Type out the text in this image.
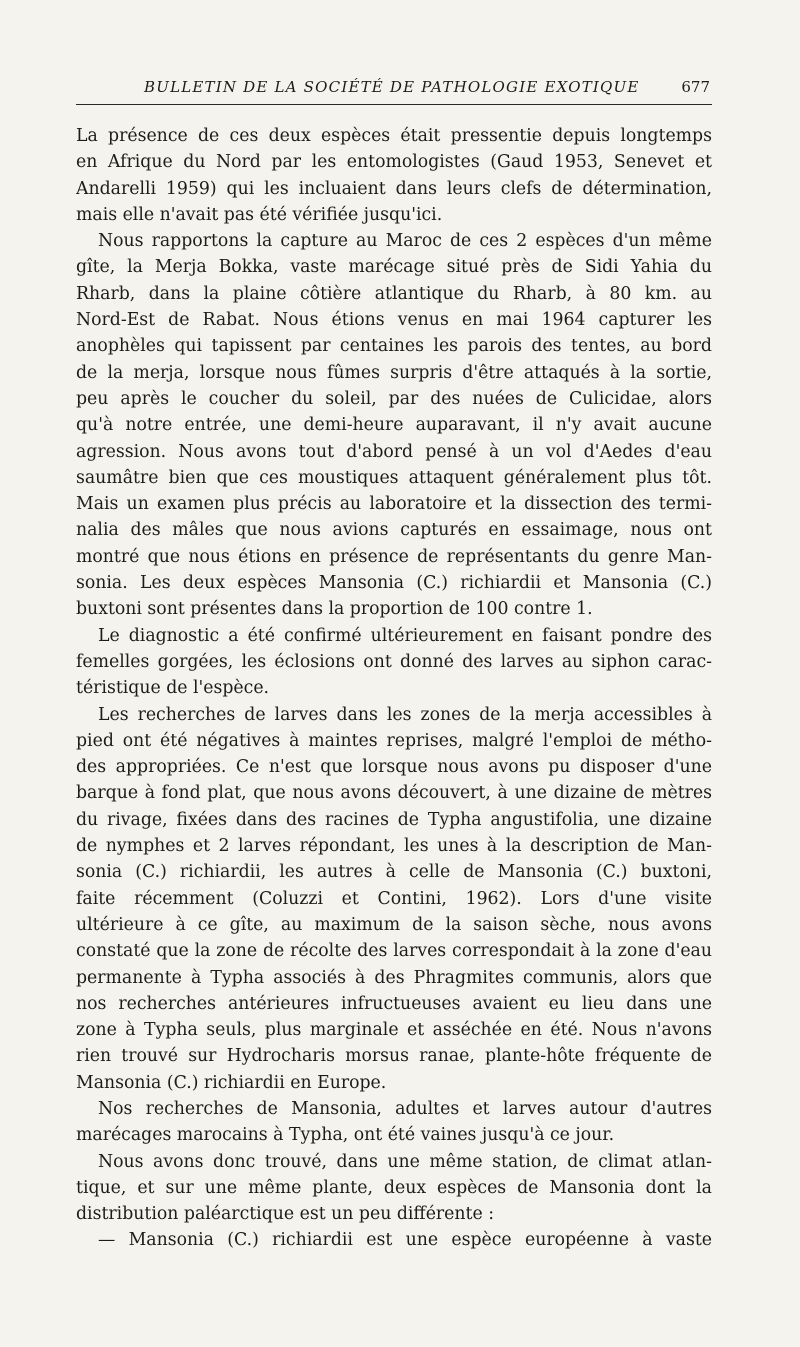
BULLETIN DE LA SOCIÉTÉ DE PATHOLOGIE EXOTIQUE	677
La présence de ces deux espèces était pressentie depuis longtemps
en Afrique du Nord par les entomologistes (Gaud 1953, Senevet et
Andarelli 1959) qui les incluaient dans leurs clefs de détermination,
mais elle n'avait pas été vérifiée jusqu'ici.
Nous rapportons la capture au Maroc de ces 2 espèces d'un même
gîte, la Merja Bokka, vaste marécage situé près de Sidi Yahia du
Rharb, dans la plaine côtière atlantique du Rharb, à 80 km. au
Nord-Est de Rabat. Nous étions venus en mai 1964 capturer les
anophèles qui tapissent par centaines les parois des tentes, au bord
de la merja, lorsque nous fûmes surpris d'être attaqués à la sortie,
peu après le coucher du soleil, par des nuées de Culicidae, alors
qu'à notre entrée, une demi-heure auparavant, il n'y avait aucune
agression. Nous avons tout d'abord pensé à un vol d'Aedes d'eau
saumâtre bien que ces moustiques attaquent généralement plus tôt.
Mais un examen plus précis au laboratoire et la dissection des termi-
nalia des mâles que nous avions capturés en essaimage, nous ont
montré que nous étions en présence de représentants du genre Man-
sonia. Les deux espèces Mansonia (C.) richiardii et Mansonia (C.)
buxtoni sont présentes dans la proportion de 100 contre 1.
Le diagnostic a été confirmé ultérieurement en faisant pondre des
femelles gorgées, les éclosions ont donné des larves au siphon carac-
téristique de l'espèce.
Les recherches de larves dans les zones de la merja accessibles à
pied ont été négatives à maintes reprises, malgré l'emploi de métho-
des appropriées. Ce n'est que lorsque nous avons pu disposer d'une
barque à fond plat, que nous avons découvert, à une dizaine de mètres
du rivage, fixées dans des racines de Typha angustifolia, une dizaine
de nymphes et 2 larves répondant, les unes à la description de Man-
sonia (C.) richiardii, les autres à celle de Mansonia (C.) buxtoni,
faite récemment (Coluzzi et Contini, 1962). Lors d'une visite
ultérieure à ce gîte, au maximum de la saison sèche, nous avons
constaté que la zone de récolte des larves correspondait à la zone d'eau
permanente à Typha associés à des Phragmites communis, alors que
nos recherches antérieures infructueuses avaient eu lieu dans une
zone à Typha seuls, plus marginale et asséchée en été. Nous n'avons
rien trouvé sur Hydrocharis morsus ranae, plante-hôte fréquente de
Mansonia (C.) richiardii en Europe.
Nos recherches de Mansonia, adultes et larves autour d'autres
marécages marocains à Typha, ont été vaines jusqu'à ce jour.
Nous avons donc trouvé, dans une même station, de climat atlan-
tique, et sur une même plante, deux espèces de Mansonia dont la
distribution paléarctique est un peu différente :
— Mansonia (C.) richiardii est une espèce européenne à vaste
